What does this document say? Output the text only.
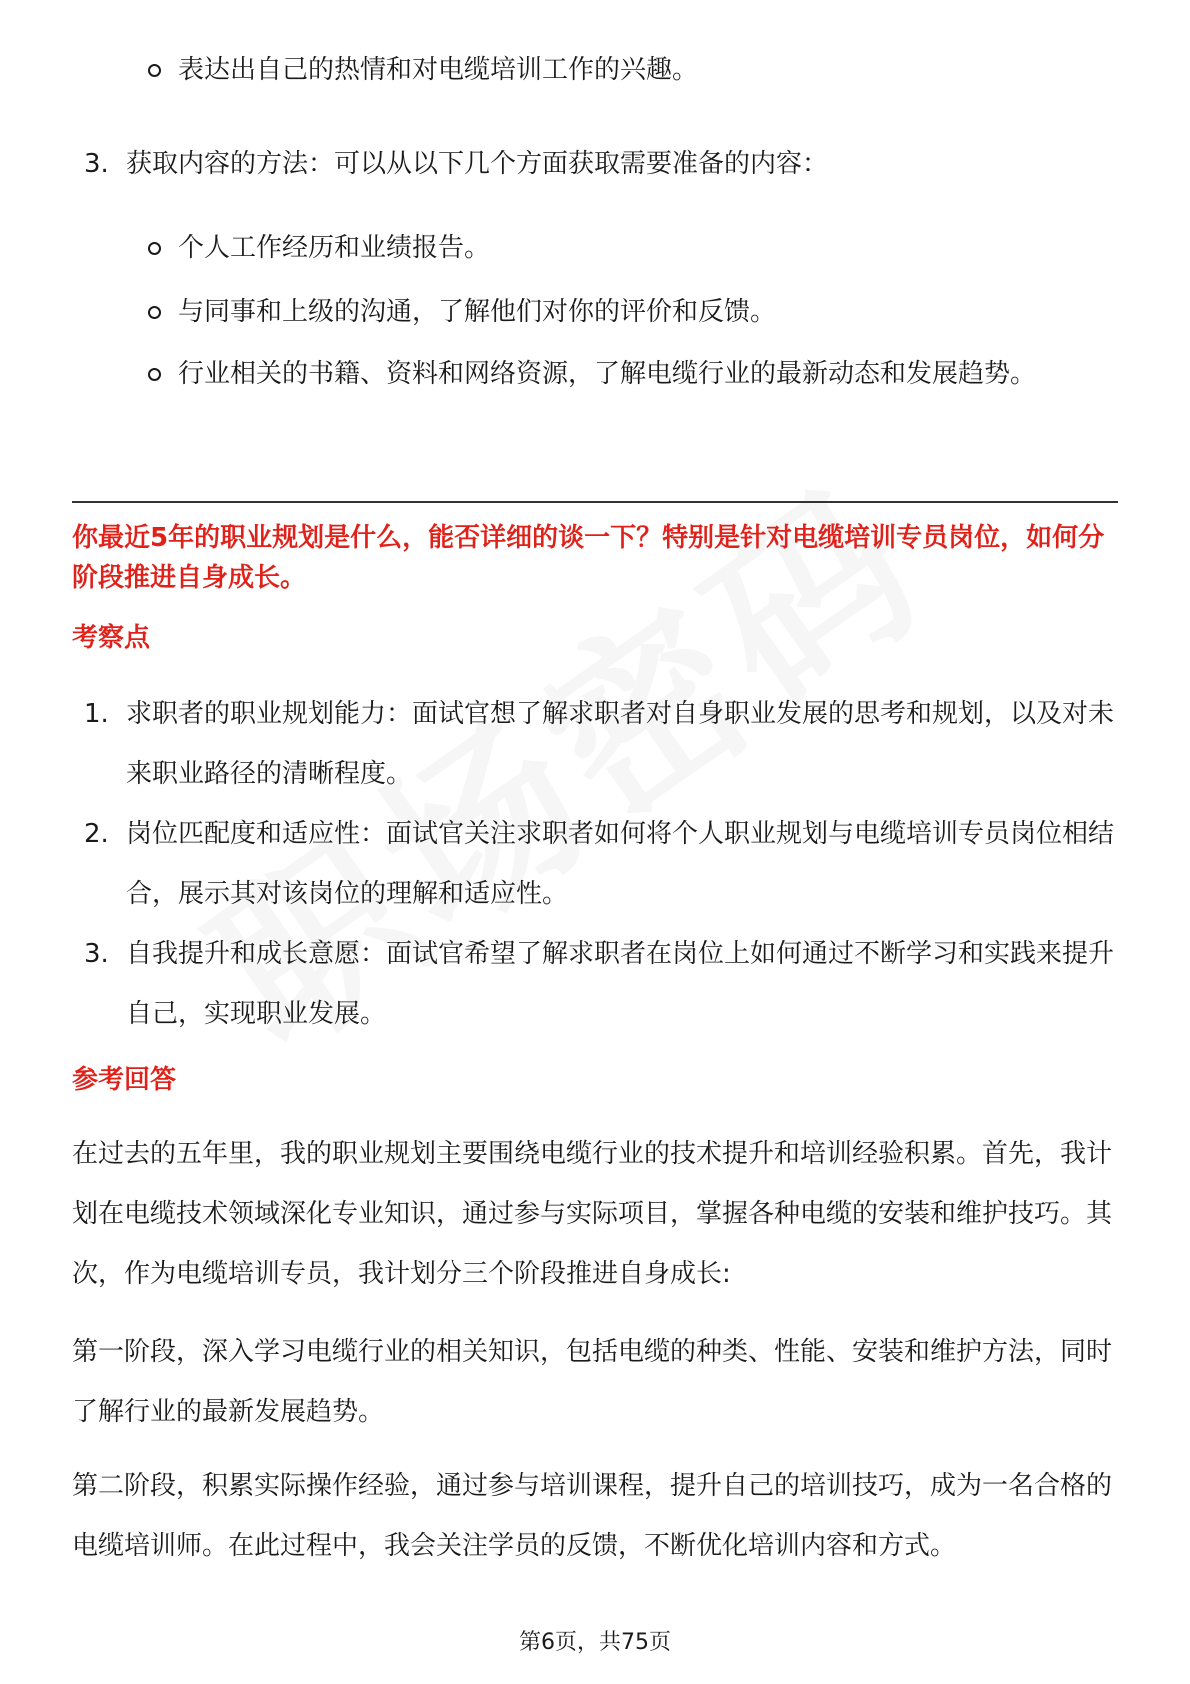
表达出自己的热情和对电缆培训工作的兴趣。
3. 获取内容的方法：可以从以下几个方面获取需要准备的内容：
个人工作经历和业绩报告。
与同事和上级的沟通，了解他们对你的评价和反馈。
行业相关的书籍、资料和网络资源，了解电缆行业的最新动态和发展趋势。
你最近5年的职业规划是什么，能否详细的谈一下？特别是针对电缆培训专员岗位，如何分阶段推进自身成长。
考察点
1. 求职者的职业规划能力：面试官想了解求职者对自身职业发展的思考和规划，以及对未来职业路径的清晰程度。
2. 岗位匹配度和适应性：面试官关注求职者如何将个人职业规划与电缆培训专员岗位相结合，展示其对该岗位的理解和适应性。
3. 自我提升和成长意愿：面试官希望了解求职者在岗位上如何通过不断学习和实践来提升自己，实现职业发展。
参考回答
在过去的五年里，我的职业规划主要围绕电缆行业的技术提升和培训经验积累。首先，我计划在电缆技术领域深化专业知识，通过参与实际项目，掌握各种电缆的安装和维护技巧。其次，作为电缆培训专员，我计划分三个阶段推进自身成长:
第一阶段，深入学习电缆行业的相关知识，包括电缆的种类、性能、安装和维护方法，同时了解行业的最新发展趋势。
第二阶段，积累实际操作经验，通过参与培训课程，提升自己的培训技巧，成为一名合格的电缆培训师。在此过程中，我会关注学员的反馈，不断优化培训内容和方式。
第6页，共75页
